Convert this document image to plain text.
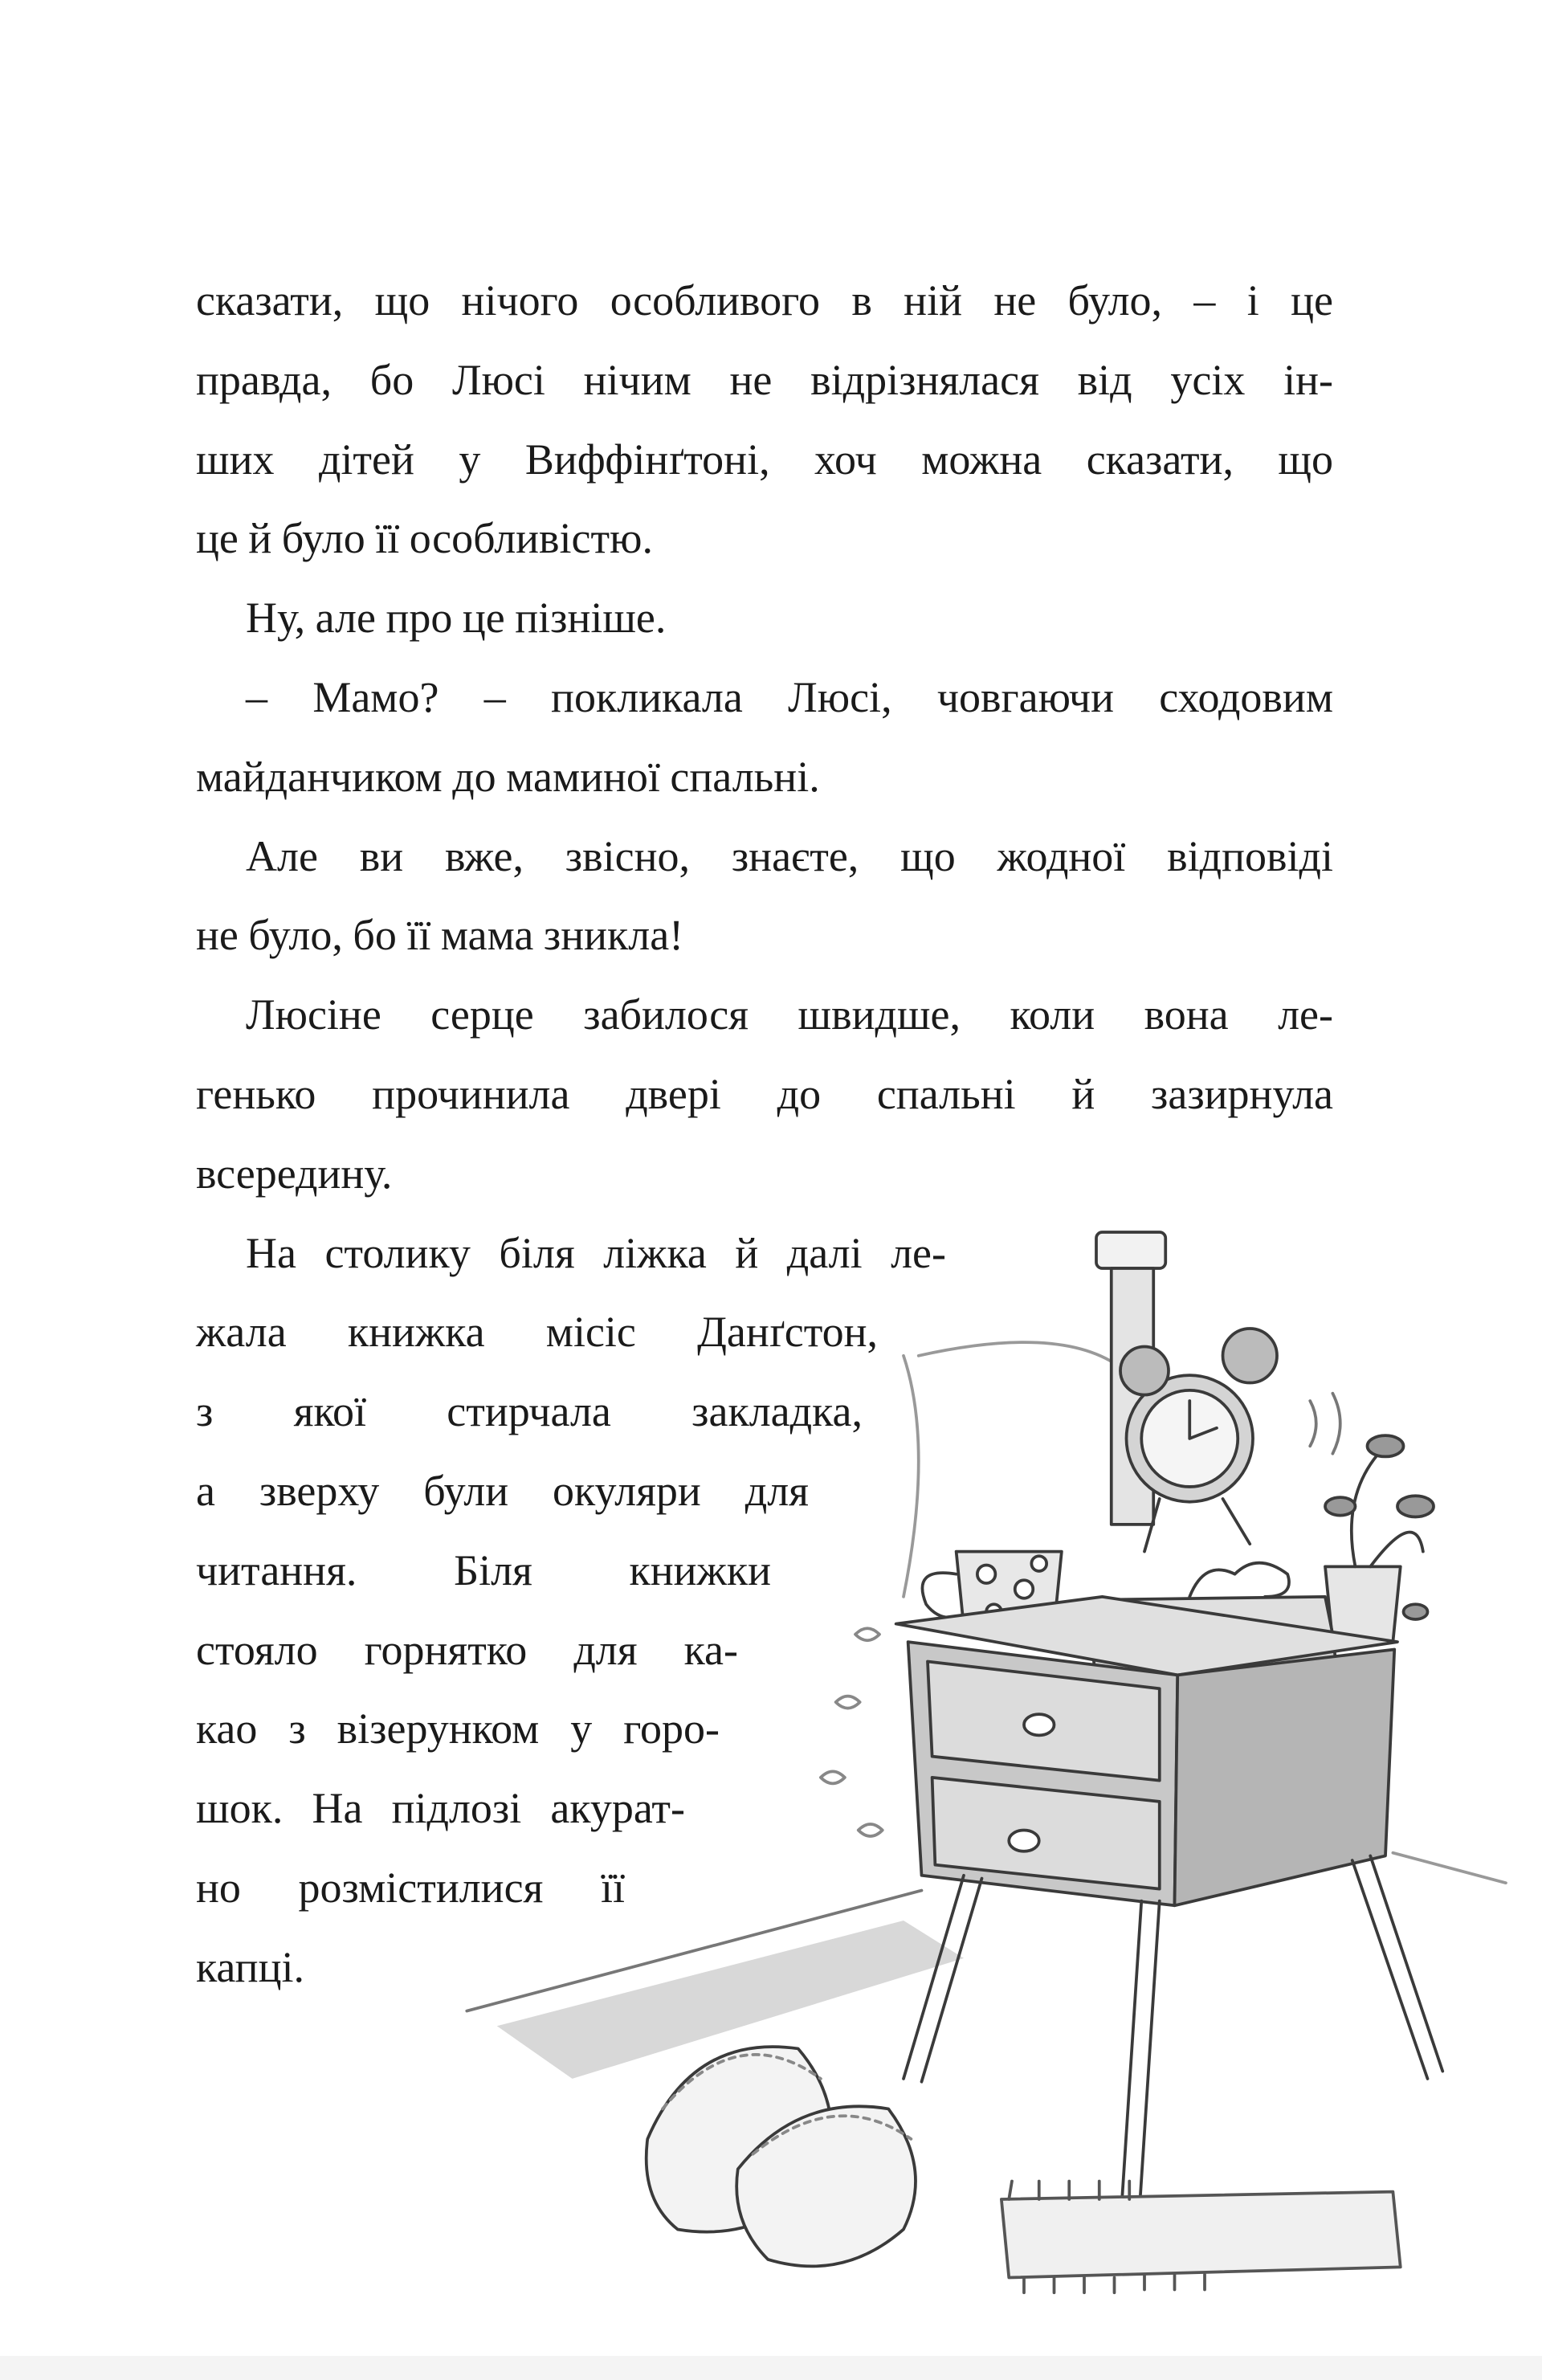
сказати, що нічого особливого в ній не було, – і це
правда, бо Люсі нічим не відрізнялася від усіх ін-
ших дітей у Виффінґтоні, хоч можна сказати, що
це й було її особливістю.
Ну, але про це пізніше.
– Мамо? – покликала Люсі, човгаючи сходовим
майданчиком до маминої спальні.
Але ви вже, звісно, знаєте, що жодної відповіді
не було, бо її мама зникла!
Люсіне серце забилося швидше, коли вона ле-
генько прочинила двері до спальні й зазирнула
всередину.
На столику біля ліжка й далі ле-
жала книжка місіс Данґстон,
з якої стирчала закладка,
а зверху були окуляри для
читання. Біля книжки
стояло горнятко для ка-
као з візерунком у горо-
шок. На підлозі акурат-
но розмістилися її
капці.
